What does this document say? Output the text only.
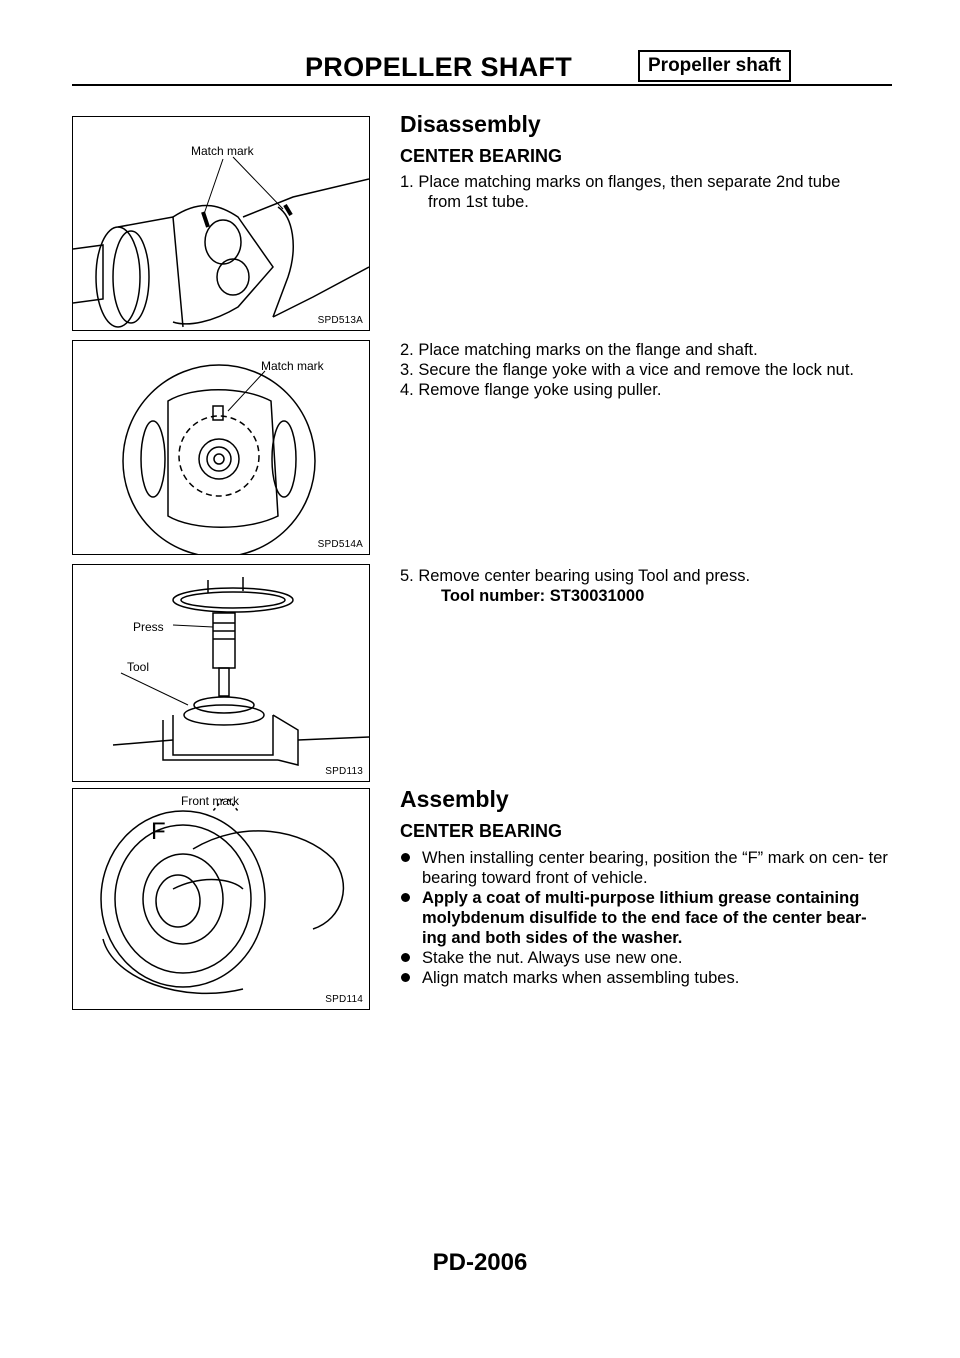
PROPELLER SHAFT	Propeller shaft
Match mark
SPD513A
Match mark
SPD514A
Press
Tool
SPD113
F
Front mark
SPD114
Disassembly
CENTER BEARING
1. Place matching marks on flanges, then separate 2nd tube
from 1st tube.
2. Place matching marks on the flange and shaft.
3. Secure the flange yoke with a vice and remove the lock nut.
4. Remove flange yoke using puller.
5. Remove center bearing using Tool and press.
Tool number: ST30031000
Assembly
CENTER BEARING
When installing center bearing, position the “F” mark on cen- ter bearing toward front of vehicle.
Apply a coat of multi-purpose lithium grease containing molybdenum disulfide to the end face of the center bear- ing and both sides of the washer.
Stake the nut. Always use new one.
Align match marks when assembling tubes.
PD-2006
